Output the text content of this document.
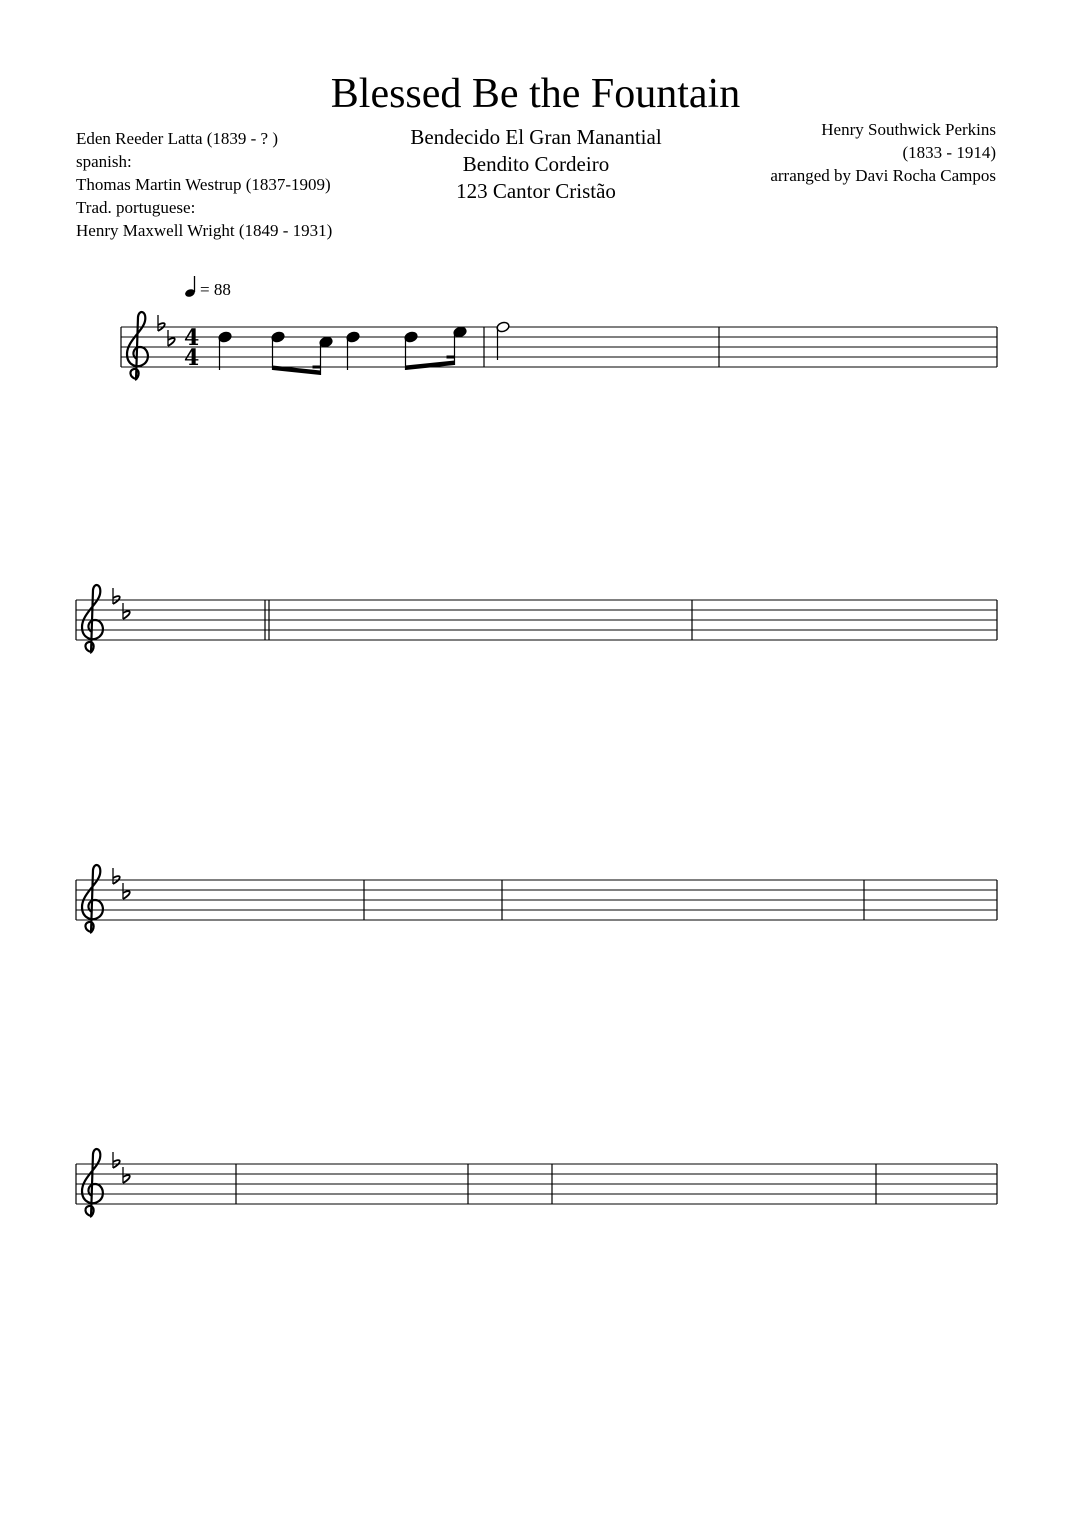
Blessed Be the Fountain
Eden Reeder Latta (1839 - ? )
spanish:
Thomas Martin Westrup (1837-1909)
Trad. portuguese:
Henry Maxwell Wright (1849 - 1931)
Bendecido El Gran Manantial
Bendito Cordeiro
123 Cantor Cristão
Henry Southwick Perkins
(1833 - 1914)
arranged by Davi Rocha Campos
4
4
= 88
